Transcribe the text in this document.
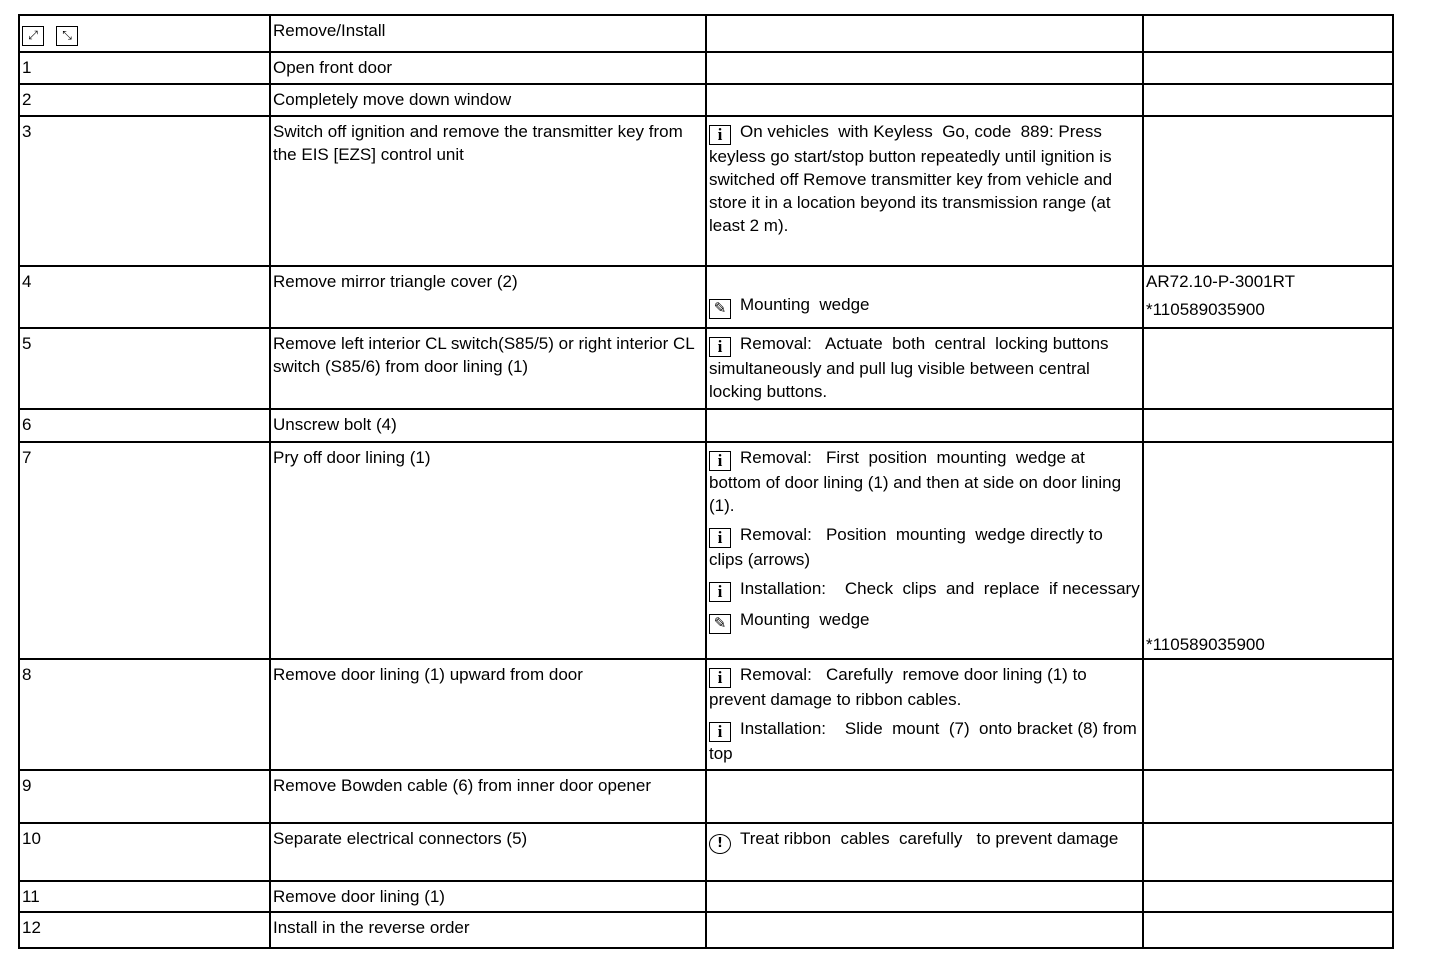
⤢ ⤡	Remove/Install		
1	Open front door		
2	Completely move down window		
3	Switch off ignition and remove the transmitter key from the EIS [EZS] control unit	i On vehicles  with Keyless  Go, code  889: Press keyless go start/stop button repeatedly until ignition is switched off Remove transmitter key from vehicle and store it in a location beyond its transmission range (at least 2 m).	

4	Remove mirror triangle cover (2)	✎ Mounting  wedge	AR72.10-P-3001RT
*110589035900

5	Remove left interior CL switch(S85/5) or right interior CL switch (S85/6) from door lining (1)	i Removal:   Actuate  both  central  locking buttons simultaneously and pull lug visible between central locking buttons.	

6	Unscrew bolt (4)		
7	Pry off door lining (1)	i Removal:   First  position  mounting  wedge at bottom of door lining (1) and then at side on door lining (1).
i Removal:   Position  mounting  wedge directly to clips (arrows)
i Installation:    Check  clips  and  replace  if necessary
✎ Mounting  wedge	*110589035900

8	Remove door lining (1) upward from door	i Removal:   Carefully  remove door lining (1) to prevent damage to ribbon cables.
i Installation:    Slide  mount  (7)  onto bracket (8) from top	

9	Remove Bowden cable (6) from inner door opener		
10	Separate electrical connectors (5)	! Treat ribbon  cables  carefully   to prevent damage	

11	Remove door lining (1)		
12	Install in the reverse order		
